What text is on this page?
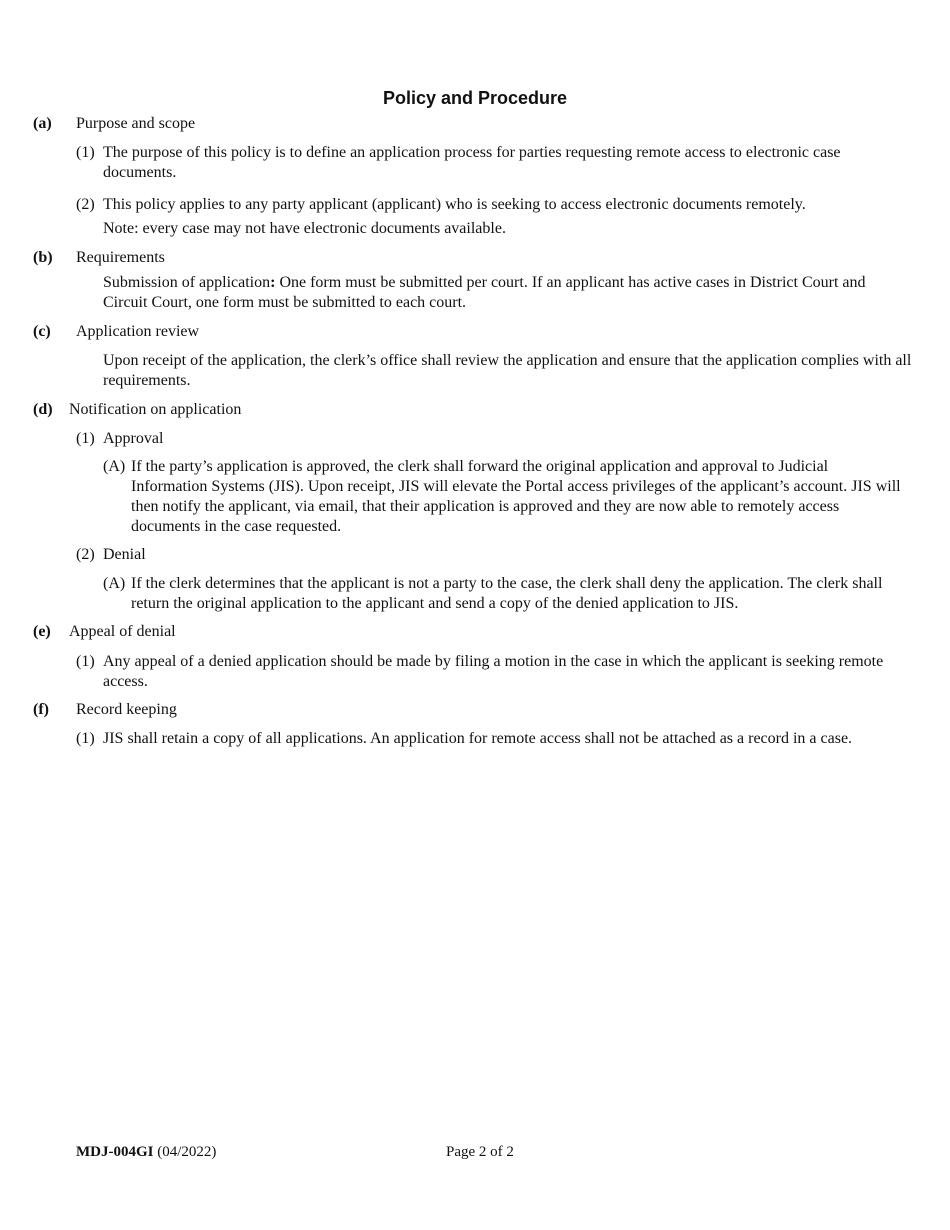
Policy and Procedure
(a) Purpose and scope
(1) The purpose of this policy is to define an application process for parties requesting remote access to electronic case documents.
(2) This policy applies to any party applicant (applicant) who is seeking to access electronic documents remotely.
Note: every case may not have electronic documents available.
(b) Requirements
Submission of application: One form must be submitted per court. If an applicant has active cases in District Court and Circuit Court, one form must be submitted to each court.
(c) Application review
Upon receipt of the application, the clerk’s office shall review the application and ensure that the application complies with all requirements.
(d) Notification on application
(1) Approval
(A) If the party’s application is approved, the clerk shall forward the original application and approval to Judicial Information Systems (JIS). Upon receipt, JIS will elevate the Portal access privileges of the applicant’s account. JIS will then notify the applicant, via email, that their application is approved and they are now able to remotely access documents in the case requested.
(2) Denial
(A) If the clerk determines that the applicant is not a party to the case, the clerk shall deny the application. The clerk shall return the original application to the applicant and send a copy of the denied application to JIS.
(e) Appeal of denial
(1) Any appeal of a denied application should be made by filing a motion in the case in which the applicant is seeking remote access.
(f) Record keeping
(1) JIS shall retain a copy of all applications. An application for remote access shall not be attached as a record in a case.
MDJ-004GI (04/2022)	Page 2 of 2
